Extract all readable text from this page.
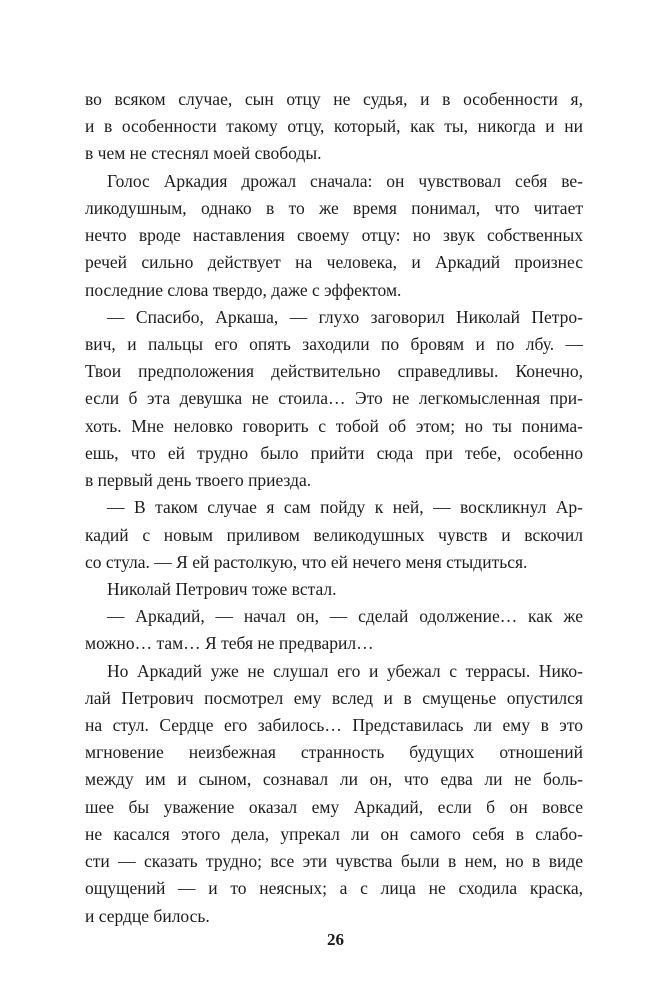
во всяком случае, сын отцу не судья, и в особенности я,
и в особенности такому отцу, который, как ты, никогда и ни
в чем не стеснял моей свободы.
Голос Аркадия дрожал сначала: он чувствовал себя ве-
ликодушным, однако в то же время понимал, что читает
нечто вроде наставления своему отцу: но звук собственных
речей сильно действует на человека, и Аркадий произнес
последние слова твердо, даже с эффектом.
— Спасибо, Аркаша, — глухо заговорил Николай Петро-
вич, и пальцы его опять заходили по бровям и по лбу. —
Твои предположения действительно справедливы. Конечно,
если б эта девушка не стоила… Это не легкомысленная при-
хоть. Мне неловко говорить с тобой об этом; но ты понима-
ешь, что ей трудно было прийти сюда при тебе, особенно
в первый день твоего приезда.
— В таком случае я сам пойду к ней, — воскликнул Ар-
кадий с новым приливом великодушных чувств и вскочил
со стула. — Я ей растолкую, что ей нечего меня стыдиться.
Николай Петрович тоже встал.
— Аркадий, — начал он, — сделай одолжение… как же
можно… там… Я тебя не предварил…
Но Аркадий уже не слушал его и убежал с террасы. Нико-
лай Петрович посмотрел ему вслед и в смущенье опустился
на стул. Сердце его забилось… Представилась ли ему в это
мгновение неизбежная странность будущих отношений
между им и сыном, сознавал ли он, что едва ли не боль-
шее бы уважение оказал ему Аркадий, если б он вовсе
не касался этого дела, упрекал ли он самого себя в слабо-
сти — сказать трудно; все эти чувства были в нем, но в виде
ощущений — и то неясных; а с лица не сходила краска,
и сердце билось.
26
